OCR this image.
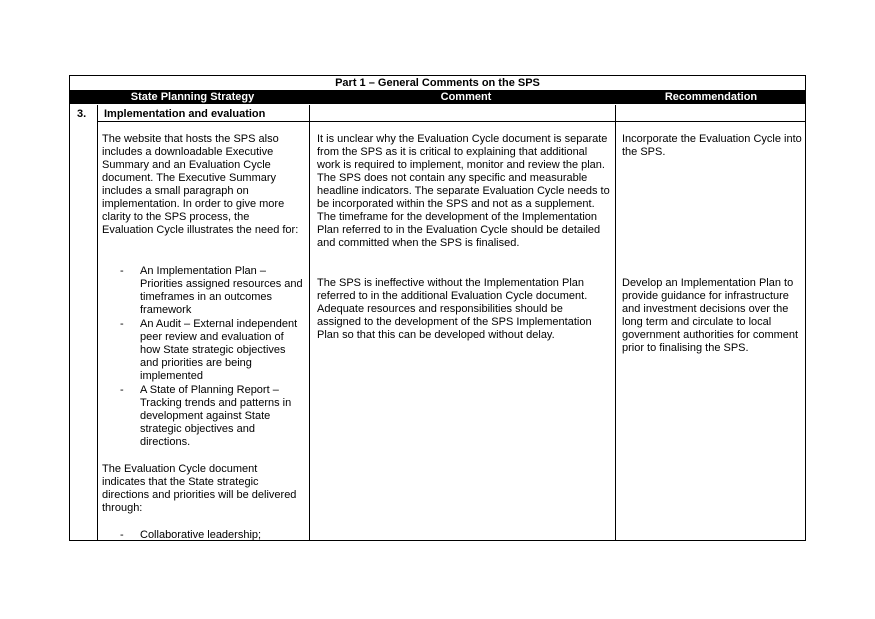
Part 1 – General Comments on the SPS
State Planning Strategy	Comment	Recommendation
3. Implementation and evaluation

The website that hosts the SPS also includes a downloadable Executive Summary and an Evaluation Cycle document. The Executive Summary includes a small paragraph on implementation. In order to give more clarity to the SPS process, the Evaluation Cycle illustrates the need for:

- An Implementation Plan – Priorities assigned resources and timeframes in an outcomes framework
- An Audit – External independent peer review and evaluation of how State strategic objectives and priorities are being implemented
- A State of Planning Report – Tracking trends and patterns in development against State strategic objectives and directions.

The Evaluation Cycle document indicates that the State strategic directions and priorities will be delivered through:

- Collaborative leadership;

It is unclear why the Evaluation Cycle document is separate from the SPS as it is critical to explaining that additional work is required to implement, monitor and review the plan. The SPS does not contain any specific and measurable headline indicators. The separate Evaluation Cycle needs to be incorporated within the SPS and not as a supplement. The timeframe for the development of the Implementation Plan referred to in the Evaluation Cycle should be detailed and committed when the SPS is finalised.

The SPS is ineffective without the Implementation Plan referred to in the additional Evaluation Cycle document. Adequate resources and responsibilities should be assigned to the development of the SPS Implementation Plan so that this can be developed without delay.

Incorporate the Evaluation Cycle into the SPS.

Develop an Implementation Plan to provide guidance for infrastructure and investment decisions over the long term and circulate to local government authorities for comment prior to finalising the SPS.
